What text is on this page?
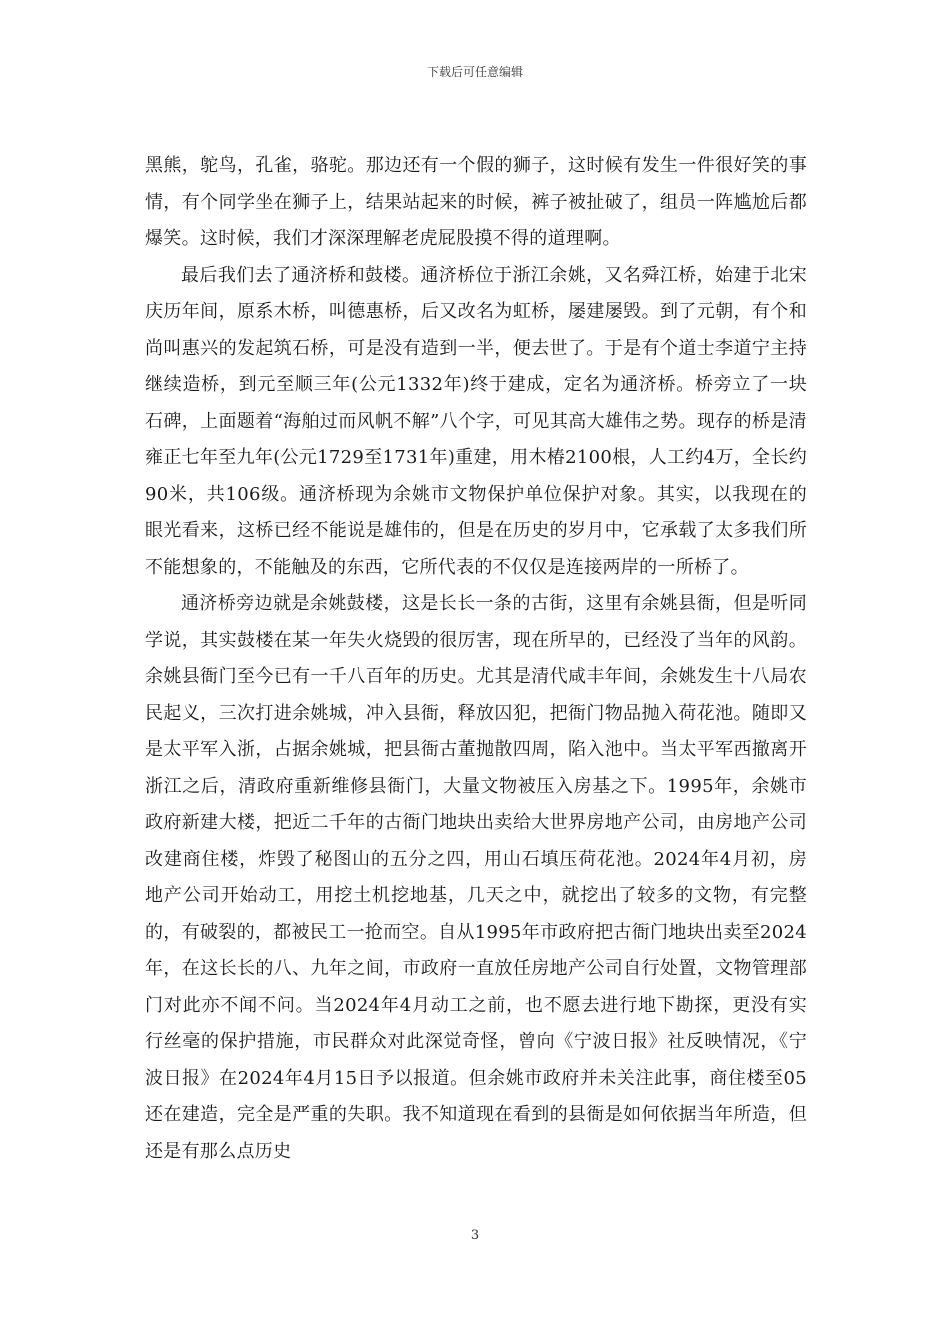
下载后可任意编辑

黑熊，鸵鸟，孔雀，骆驼。那边还有一个假的狮子，这时候有发生一件很好笑的事情，有个同学坐在狮子上，结果站起来的时候，裤子被扯破了，组员一阵尴尬后都爆笑。这时候，我们才深深理解老虎屁股摸不得的道理啊。

最后我们去了通济桥和鼓楼。通济桥位于浙江余姚，又名舜江桥，始建于北宋庆历年间，原系木桥，叫德惠桥，后又改名为虹桥，屡建屡毁。到了元朝，有个和尚叫惠兴的发起筑石桥，可是没有造到一半，便去世了。于是有个道士李道宁主持继续造桥，到元至顺三年(公元1332年)终于建成，定名为通济桥。桥旁立了一块石碑，上面题着“海舶过而风帆不解”八个字，可见其高大雄伟之势。现存的桥是清雍正七年至九年(公元1729至1731年)重建，用木椿2100根，人工约4万，全长约90米，共106级。通济桥现为余姚市文物保护单位保护对象。其实，以我现在的眼光看来，这桥已经不能说是雄伟的，但是在历史的岁月中，它承载了太多我们所不能想象的，不能触及的东西，它所代表的不仅仅是连接两岸的一所桥了。

通济桥旁边就是余姚鼓楼，这是长长一条的古街，这里有余姚县衙，但是听同学说，其实鼓楼在某一年失火烧毁的很厉害，现在所早的，已经没了当年的风韵。余姚县衙门至今已有一千八百年的历史。尤其是清代咸丰年间，余姚发生十八局农民起义，三次打进余姚城，冲入县衙，释放囚犯，把衙门物品抛入荷花池。随即又是太平军入浙，占据余姚城，把县衙古董抛散四周，陷入池中。当太平军西撤离开浙江之后，清政府重新维修县衙门，大量文物被压入房基之下。1995年，余姚市政府新建大楼，把近二千年的古衙门地块出卖给大世界房地产公司，由房地产公司改建商住楼，炸毁了秘图山的五分之四，用山石填压荷花池。2024年4月初，房地产公司开始动工，用挖土机挖地基，几天之中，就挖出了较多的文物，有完整的，有破裂的，都被民工一抢而空。自从1995年市政府把古衙门地块出卖至2024年，在这长长的八、九年之间，市政府一直放任房地产公司自行处置，文物管理部门对此亦不闻不问。当2024年4月动工之前，也不愿去进行地下勘探，更没有实行丝毫的保护措施，市民群众对此深觉奇怪，曾向《宁波日报》社反映情况，《宁波日报》在2024年4月15日予以报道。但余姚市政府并未关注此事，商住楼至05还在建造，完全是严重的失职。我不知道现在看到的县衙是如何依据当年所造，但还是有那么点历史

3
